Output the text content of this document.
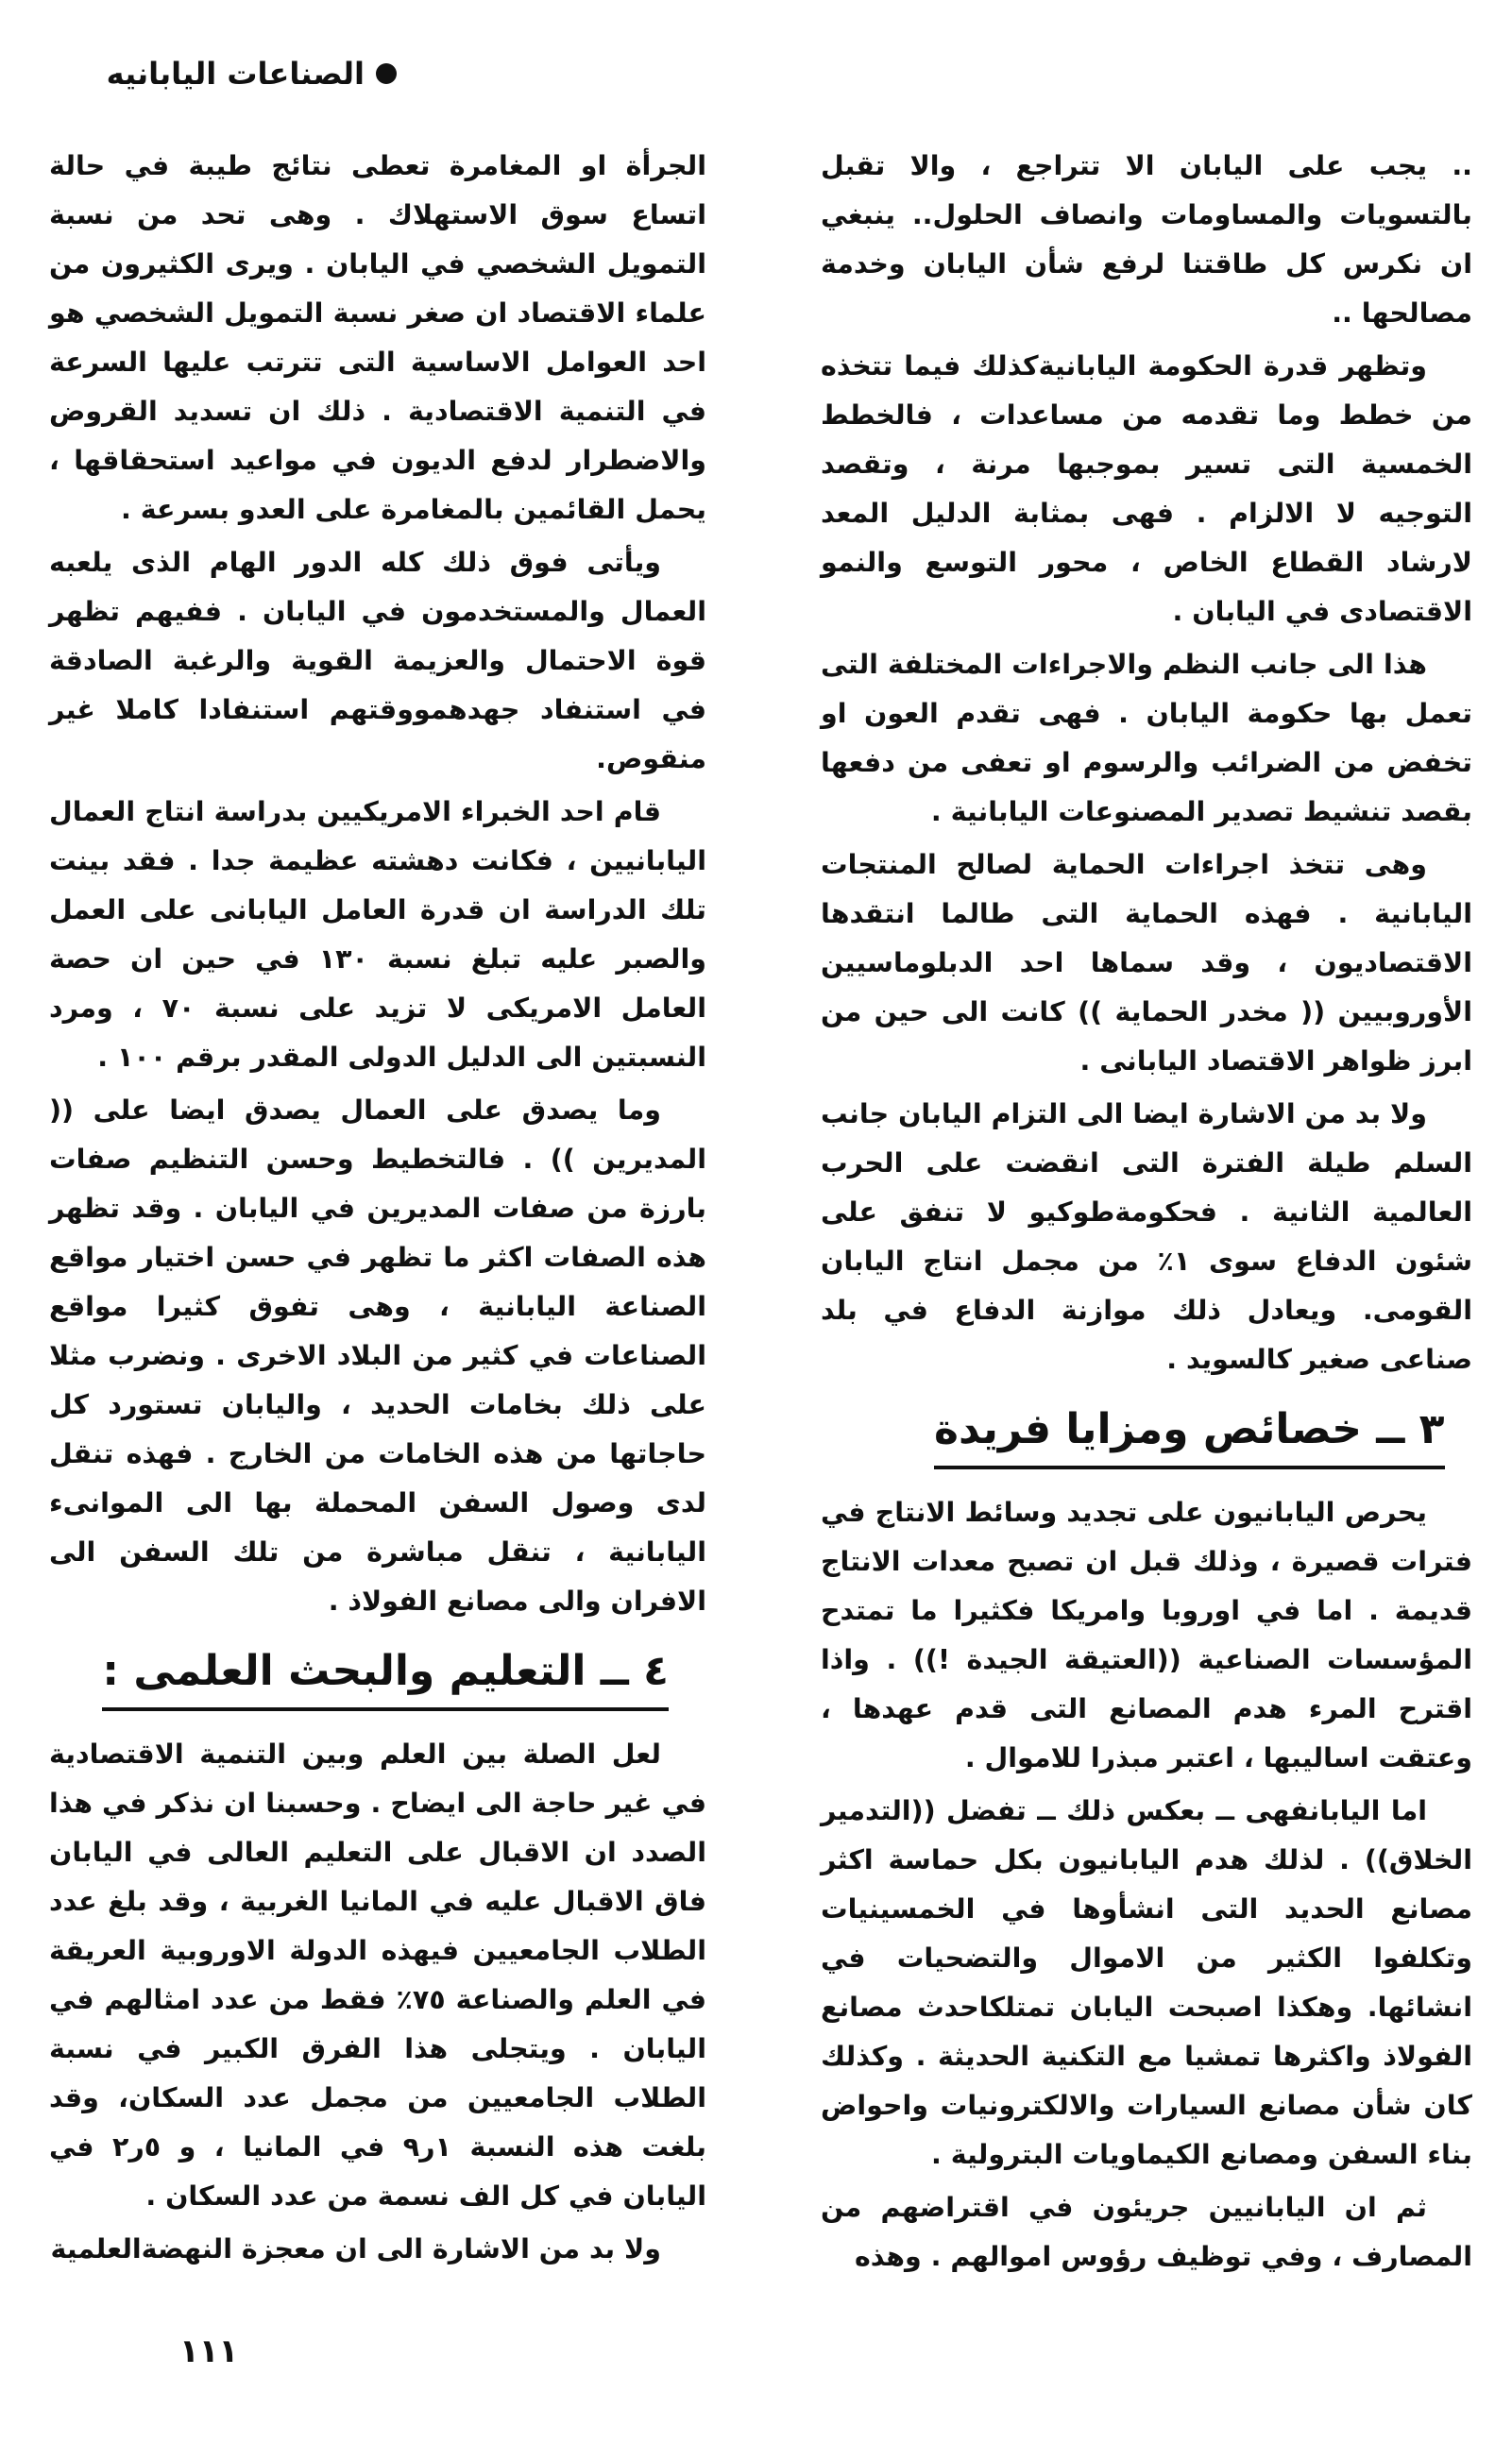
الصناعات اليابانيه

.. يجب على اليابان الا تتراجع ، والا تقبل بالتسويات والمساومات وانصاف الحلول.. ينبغي ان نكرس كل طاقتنا لرفع شأن اليابان وخدمة مصالحها ..

وتظهر قدرة الحكومة اليابانيةكذلك فيما تتخذه من خطط وما تقدمه من مساعدات ، فالخطط الخمسية التى تسير بموجبها مرنة ، وتقصد التوجيه لا الالزام . فهى بمثابة الدليل المعد لارشاد القطاع الخاص ، محور التوسع والنمو الاقتصادى في اليابان .

هذا الى جانب النظم والاجراءات المختلفة التى تعمل بها حكومة اليابان . فهى تقدم العون او تخفض من الضرائب والرسوم او تعفى من دفعها بقصد تنشيط تصدير المصنوعات اليابانية .

وهى تتخذ اجراءات الحماية لصالح المنتجات اليابانية . فهذه الحماية التى طالما انتقدها الاقتصاديون ، وقد سماها احد الدبلوماسيين الأوروبيين (( مخدر الحماية )) كانت الى حين من ابرز ظواهر الاقتصاد اليابانى .

ولا بد من الاشارة ايضا الى التزام اليابان جانب السلم طيلة الفترة التى انقضت على الحرب العالمية الثانية . فحكومةطوكيو لا تنفق على شئون الدفاع سوى ١٪ من مجمل انتاج اليابان القومى. ويعادل ذلك موازنة الدفاع في بلد صناعى صغير كالسويد .

٣ ــ خصائص ومزايا فريدة

يحرص اليابانيون على تجديد وسائط الانتاج في فترات قصيرة ، وذلك قبل ان تصبح معدات الانتاج قديمة . اما في اوروبا وامريكا فكثيرا ما تمتدح المؤسسات الصناعية ((العتيقة الجيدة !)) . واذا اقترح المرء هدم المصانع التى قدم عهدها ، وعتقت اساليبها ، اعتبر مبذرا للاموال .

اما اليابانفهى ــ بعكس ذلك ــ تفضل ((التدمير الخلاق)) . لذلك هدم اليابانيون بكل حماسة اكثر مصانع الحديد التى انشأوها في الخمسينيات وتكلفوا الكثير من الاموال والتضحيات في انشائها. وهكذا اصبحت اليابان تمتلكاحدث مصانع الفولاذ واكثرها تمشيا مع التكنية الحديثة . وكذلك كان شأن مصانع السيارات والالكترونيات واحواض بناء السفن ومصانع الكيماويات البترولية .

ثم ان اليابانيين جريئون في اقتراضهم من المصارف ، وفي توظيف رؤوس اموالهم . وهذه

الجرأة او المغامرة تعطى نتائج طيبة في حالة اتساع سوق الاستهلاك . وهى تحد من نسبة التمويل الشخصي في اليابان . ويرى الكثيرون من علماء الاقتصاد ان صغر نسبة التمويل الشخصي هو احد العوامل الاساسية التى تترتب عليها السرعة في التنمية الاقتصادية . ذلك ان تسديد القروض والاضطرار لدفع الديون في مواعيد استحقاقها ، يحمل القائمين بالمغامرة على العدو بسرعة .

ويأتى فوق ذلك كله الدور الهام الذى يلعبه العمال والمستخدمون في اليابان . ففيهم تظهر قوة الاحتمال والعزيمة القوية والرغبة الصادقة في استنفاد جهدهمووقتهم استنفادا كاملا غير منقوص.

قام احد الخبراء الامريكيين بدراسة انتاج العمال اليابانيين ، فكانت دهشته عظيمة جدا . فقد بينت تلك الدراسة ان قدرة العامل اليابانى على العمل والصبر عليه تبلغ نسبة ١٣٠ في حين ان حصة العامل الامريكى لا تزيد على نسبة ٧٠ ، ومرد النسبتين الى الدليل الدولى المقدر برقم ١٠٠ .

وما يصدق على العمال يصدق ايضا على (( المديرين )) . فالتخطيط وحسن التنظيم صفات بارزة من صفات المديرين في اليابان . وقد تظهر هذه الصفات اكثر ما تظهر في حسن اختيار مواقع الصناعة اليابانية ، وهى تفوق كثيرا مواقع الصناعات في كثير من البلاد الاخرى . ونضرب مثلا على ذلك بخامات الحديد ، واليابان تستورد كل حاجاتها من هذه الخامات من الخارج . فهذه تنقل لدى وصول السفن المحملة بها الى الموانىء اليابانية ، تنقل مباشرة من تلك السفن الى الافران والى مصانع الفولاذ .

٤ ــ التعليم والبحث العلمى :

لعل الصلة بين العلم وبين التنمية الاقتصادية في غير حاجة الى ايضاح . وحسبنا ان نذكر في هذا الصدد ان الاقبال على التعليم العالى في اليابان فاق الاقبال عليه في المانيا الغربية ، وقد بلغ عدد الطلاب الجامعيين فيهذه الدولة الاوروبية العريقة في العلم والصناعة ٧٥٪ فقط من عدد امثالهم في اليابان . ويتجلى هذا الفرق الكبير في نسبة الطلاب الجامعيين من مجمل عدد السكان، وقد بلغت هذه النسبة ١ر٩ في المانيا ، و ٥ر٢ في اليابان في كل الف نسمة من عدد السكان .

ولا بد من الاشارة الى ان معجزة النهضةالعلمية

١١١
